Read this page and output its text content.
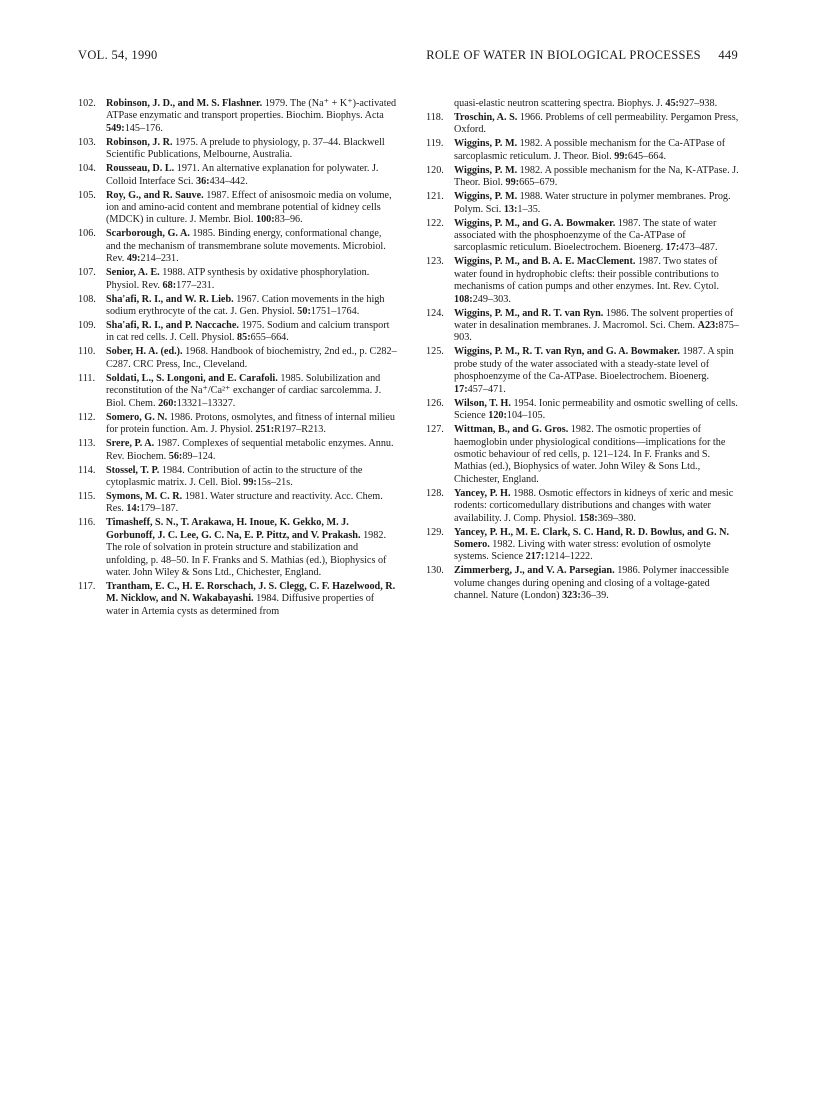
VOL. 54, 1990	ROLE OF WATER IN BIOLOGICAL PROCESSES 449
102. Robinson, J. D., and M. S. Flashner. 1979. The (Na⁺ + K⁺)-activated ATPase enzymatic and transport properties. Biochim. Biophys. Acta 549:145–176.
103. Robinson, J. R. 1975. A prelude to physiology, p. 37–44. Blackwell Scientific Publications, Melbourne, Australia.
104. Rousseau, D. L. 1971. An alternative explanation for polywater. J. Colloid Interface Sci. 36:434–442.
105. Roy, G., and R. Sauve. 1987. Effect of anisosmoic media on volume, ion and amino-acid content and membrane potential of kidney cells (MDCK) in culture. J. Membr. Biol. 100:83–96.
106. Scarborough, G. A. 1985. Binding energy, conformational change, and the mechanism of transmembrane solute movements. Microbiol. Rev. 49:214–231.
107. Senior, A. E. 1988. ATP synthesis by oxidative phosphorylation. Physiol. Rev. 68:177–231.
108. Sha'afi, R. I., and W. R. Lieb. 1967. Cation movements in the high sodium erythrocyte of the cat. J. Gen. Physiol. 50:1751–1764.
109. Sha'afi, R. I., and P. Naccache. 1975. Sodium and calcium transport in cat red cells. J. Cell. Physiol. 85:655–664.
110.	Sober, H. A. (ed.). 1968. Handbook of biochemistry, 2nd ed., p. C282–C287. CRC Press, Inc., Cleveland.
111.	Soldati, L., S. Longoni, and E. Carafoli. 1985. Solubilization and reconstitution of the Na⁺/Ca²⁺ exchanger of cardiac sarcolemma. J. Biol. Chem. 260:13321–13327.
112.	Somero, G. N. 1986. Protons, osmolytes, and fitness of internal milieu for protein function. Am. J. Physiol. 251:R197–R213.
113.	Srere, P. A. 1987. Complexes of sequential metabolic enzymes. Annu. Rev. Biochem. 56:89–124.
114.	Stossel, T. P. 1984. Contribution of actin to the structure of the cytoplasmic matrix. J. Cell. Biol. 99:15s–21s.
115.	Symons, M. C. R. 1981. Water structure and reactivity. Acc. Chem. Res. 14:179–187.
116.	Timasheff, S. N., T. Arakawa, H. Inoue, K. Gekko, M. J. Gorbunoff, J. C. Lee, G. C. Na, E. P. Pittz, and V. Prakash. 1982. The role of solvation in protein structure and stabilization and unfolding, p. 48–50. In F. Franks and S. Mathias (ed.), Biophysics of water. John Wiley & Sons Ltd., Chichester, England.
117.	Trantham, E. C., H. E. Rorschach, J. S. Clegg, C. F. Hazelwood, R. M. Nicklow, and N. Wakabayashi. 1984. Diffusive properties of water in Artemia cysts as determined from
quasi-elastic neutron scattering spectra. Biophys. J. 45:927–938.
118.	Troschin, A. S. 1966. Problems of cell permeability. Pergamon Press, Oxford.
119.	Wiggins, P. M. 1982. A possible mechanism for the Ca-ATPase of sarcoplasmic reticulum. J. Theor. Biol. 99:645–664.
120. Wiggins, P. M. 1982. A possible mechanism for the Na, K-ATPase. J. Theor. Biol. 99:665–679.
121. Wiggins, P. M. 1988. Water structure in polymer membranes. Prog. Polym. Sci. 13:1–35.
122. Wiggins, P. M., and G. A. Bowmaker. 1987. The state of water associated with the phosphoenzyme of the Ca-ATPase of sarcoplasmic reticulum. Bioelectrochem. Bioenerg. 17:473–487.
123. Wiggins, P. M., and B. A. E. MacClement. 1987. Two states of water found in hydrophobic clefts: their possible contributions to mechanisms of cation pumps and other enzymes. Int. Rev. Cytol. 108:249–303.
124. Wiggins, P. M., and R. T. van Ryn. 1986. The solvent properties of water in desalination membranes. J. Macromol. Sci. Chem. A23:875–903.
125. Wiggins, P. M., R. T. van Ryn, and G. A. Bowmaker. 1987. A spin probe study of the water associated with a steady-state level of phosphoenzyme of the Ca-ATPase. Bioelectrochem. Bioenerg. 17:457–471.
126. Wilson, T. H. 1954. Ionic permeability and osmotic swelling of cells. Science 120:104–105.
127. Wittman, B., and G. Gros. 1982. The osmotic properties of haemoglobin under physiological conditions—implications for the osmotic behaviour of red cells, p. 121–124. In F. Franks and S. Mathias (ed.), Biophysics of water. John Wiley & Sons Ltd., Chichester, England.
128. Yancey, P. H. 1988. Osmotic effectors in kidneys of xeric and mesic rodents: corticomedullary distributions and changes with water availability. J. Comp. Physiol. 158:369–380.
129. Yancey, P. H., M. E. Clark, S. C. Hand, R. D. Bowlus, and G. N. Somero. 1982. Living with water stress: evolution of osmolyte systems. Science 217:1214–1222.
130. Zimmerberg, J., and V. A. Parsegian. 1986. Polymer inaccessible volume changes during opening and closing of a voltage-gated channel. Nature (London) 323:36–39.
